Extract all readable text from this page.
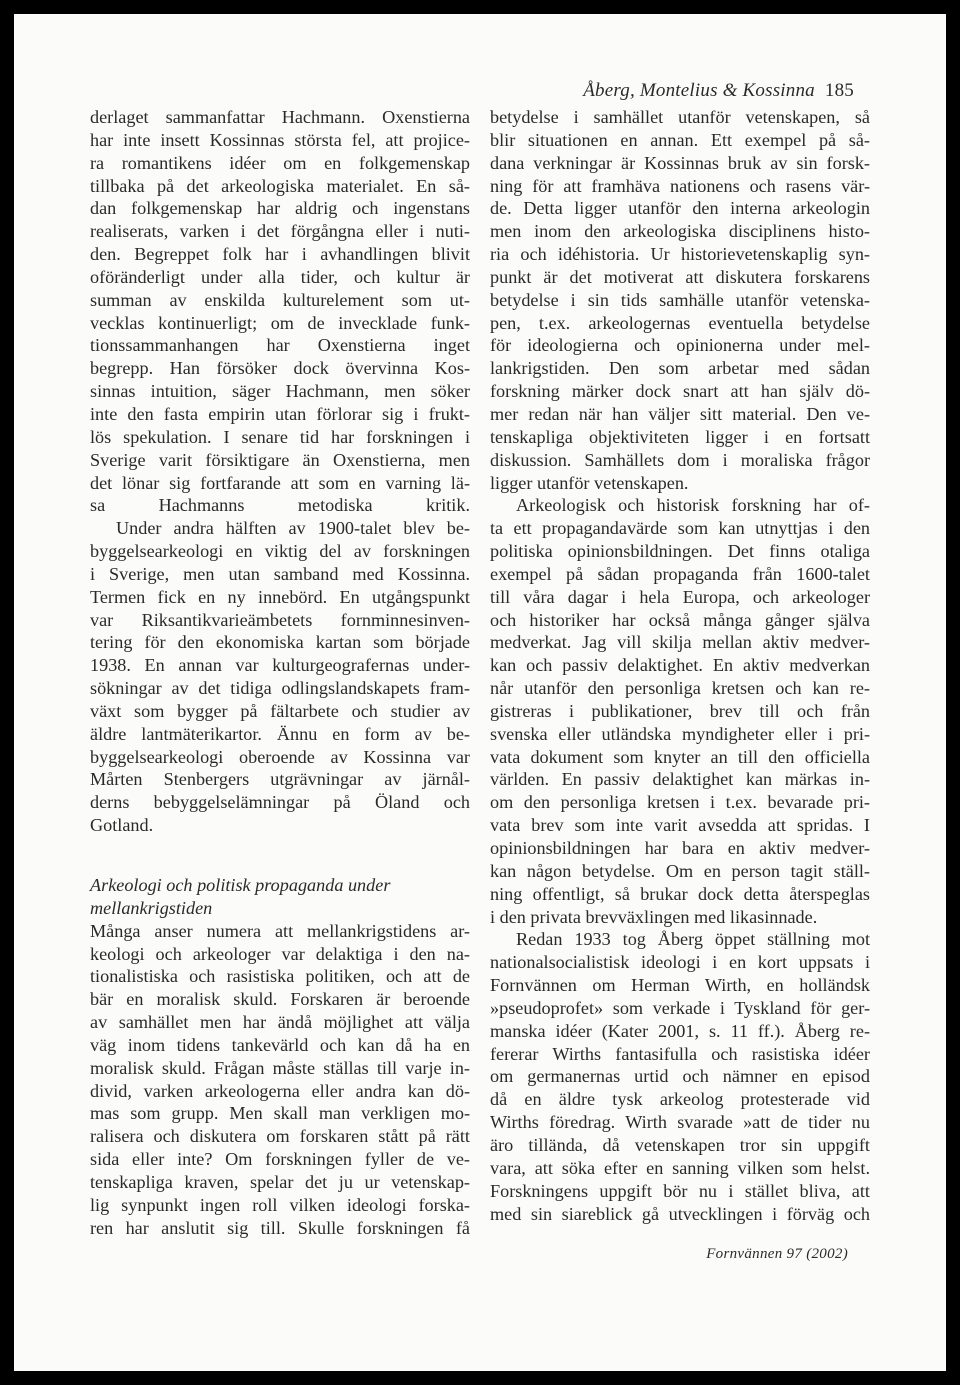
Åberg, Montelius & Kossinna 185
derlaget sammanfattar Hachmann. Oxenstierna
har inte insett Kossinnas största fel, att projice-
ra romantikens idéer om en folkgemenskap
tillbaka på det arkeologiska materialet. En så-
dan folkgemenskap har aldrig och ingenstans
realiserats, varken i det förgångna eller i nuti-
den. Begreppet folk har i avhandlingen blivit
oföränderligt under alla tider, och kultur är
summan av enskilda kulturelement som ut-
vecklas kontinuerligt; om de invecklade funk-
tionssammanhangen har Oxenstierna inget
begrepp. Han försöker dock övervinna Kos-
sinnas intuition, säger Hachmann, men söker
inte den fasta empirin utan förlorar sig i frukt-
lös spekulation. I senare tid har forskningen i
Sverige varit försiktigare än Oxenstierna, men
det lönar sig fortfarande att som en varning lä-
sa Hachmanns metodiska kritik.
Under andra hälften av 1900-talet blev be-
byggelsearkeologi en viktig del av forskningen
i Sverige, men utan samband med Kossinna.
Termen fick en ny innebörd. En utgångspunkt
var Riksantikvarieämbetets fornminnesinven-
tering för den ekonomiska kartan som började
1938. En annan var kulturgeografernas under-
sökningar av det tidiga odlingslandskapets fram-
växt som bygger på fältarbete och studier av
äldre lantmäterikartor. Ännu en form av be-
byggelsearkeologi oberoende av Kossinna var
Mårten Stenbergers utgrävningar av järnål-
derns bebyggelselämningar på Öland och
Gotland.
Arkeologi och politisk propaganda under
mellankrigstiden
Många anser numera att mellankrigstidens ar-
keologi och arkeologer var delaktiga i den na-
tionalistiska och rasistiska politiken, och att de
bär en moralisk skuld. Forskaren är beroende
av samhället men har ändå möjlighet att välja
väg inom tidens tankevärld och kan då ha en
moralisk skuld. Frågan måste ställas till varje in-
divid, varken arkeologerna eller andra kan dö-
mas som grupp. Men skall man verkligen mo-
ralisera och diskutera om forskaren stått på rätt
sida eller inte? Om forskningen fyller de ve-
tenskapliga kraven, spelar det ju ur vetenskap-
lig synpunkt ingen roll vilken ideologi forska-
ren har anslutit sig till. Skulle forskningen få
betydelse i samhället utanför vetenskapen, så
blir situationen en annan. Ett exempel på så-
dana verkningar är Kossinnas bruk av sin forsk-
ning för att framhäva nationens och rasens vär-
de. Detta ligger utanför den interna arkeologin
men inom den arkeologiska disciplinens histo-
ria och idéhistoria. Ur historievetenskaplig syn-
punkt är det motiverat att diskutera forskarens
betydelse i sin tids samhälle utanför vetenska-
pen, t.ex. arkeologernas eventuella betydelse
för ideologierna och opinionerna under mel-
lankrigstiden. Den som arbetar med sådan
forskning märker dock snart att han själv dö-
mer redan när han väljer sitt material. Den ve-
tenskapliga objektiviteten ligger i en fortsatt
diskussion. Samhällets dom i moraliska frågor
ligger utanför vetenskapen.
Arkeologisk och historisk forskning har of-
ta ett propagandavärde som kan utnyttjas i den
politiska opinionsbildningen. Det finns otaliga
exempel på sådan propaganda från 1600-talet
till våra dagar i hela Europa, och arkeologer
och historiker har också många gånger själva
medverkat. Jag vill skilja mellan aktiv medver-
kan och passiv delaktighet. En aktiv medverkan
når utanför den personliga kretsen och kan re-
gistreras i publikationer, brev till och från
svenska eller utländska myndigheter eller i pri-
vata dokument som knyter an till den officiella
världen. En passiv delaktighet kan märkas in-
om den personliga kretsen i t.ex. bevarade pri-
vata brev som inte varit avsedda att spridas. I
opinionsbildningen har bara en aktiv medver-
kan någon betydelse. Om en person tagit ställ-
ning offentligt, så brukar dock detta återspeglas
i den privata brevväxlingen med likasinnade.
Redan 1933 tog Åberg öppet ställning mot
nationalsocialistisk ideologi i en kort uppsats i
Fornvännen om Herman Wirth, en holländsk
»pseudoprofet» som verkade i Tyskland för ger-
manska idéer (Kater 2001, s. 11 ff.). Åberg re-
fererar Wirths fantasifulla och rasistiska idéer
om germanernas urtid och nämner en episod
då en äldre tysk arkeolog protesterade vid
Wirths föredrag. Wirth svarade »att de tider nu
äro tillända, då vetenskapen tror sin uppgift
vara, att söka efter en sanning vilken som helst.
Forskningens uppgift bör nu i stället bliva, att
med sin siareblick gå utvecklingen i förväg och
Fornvännen 97 (2002)
